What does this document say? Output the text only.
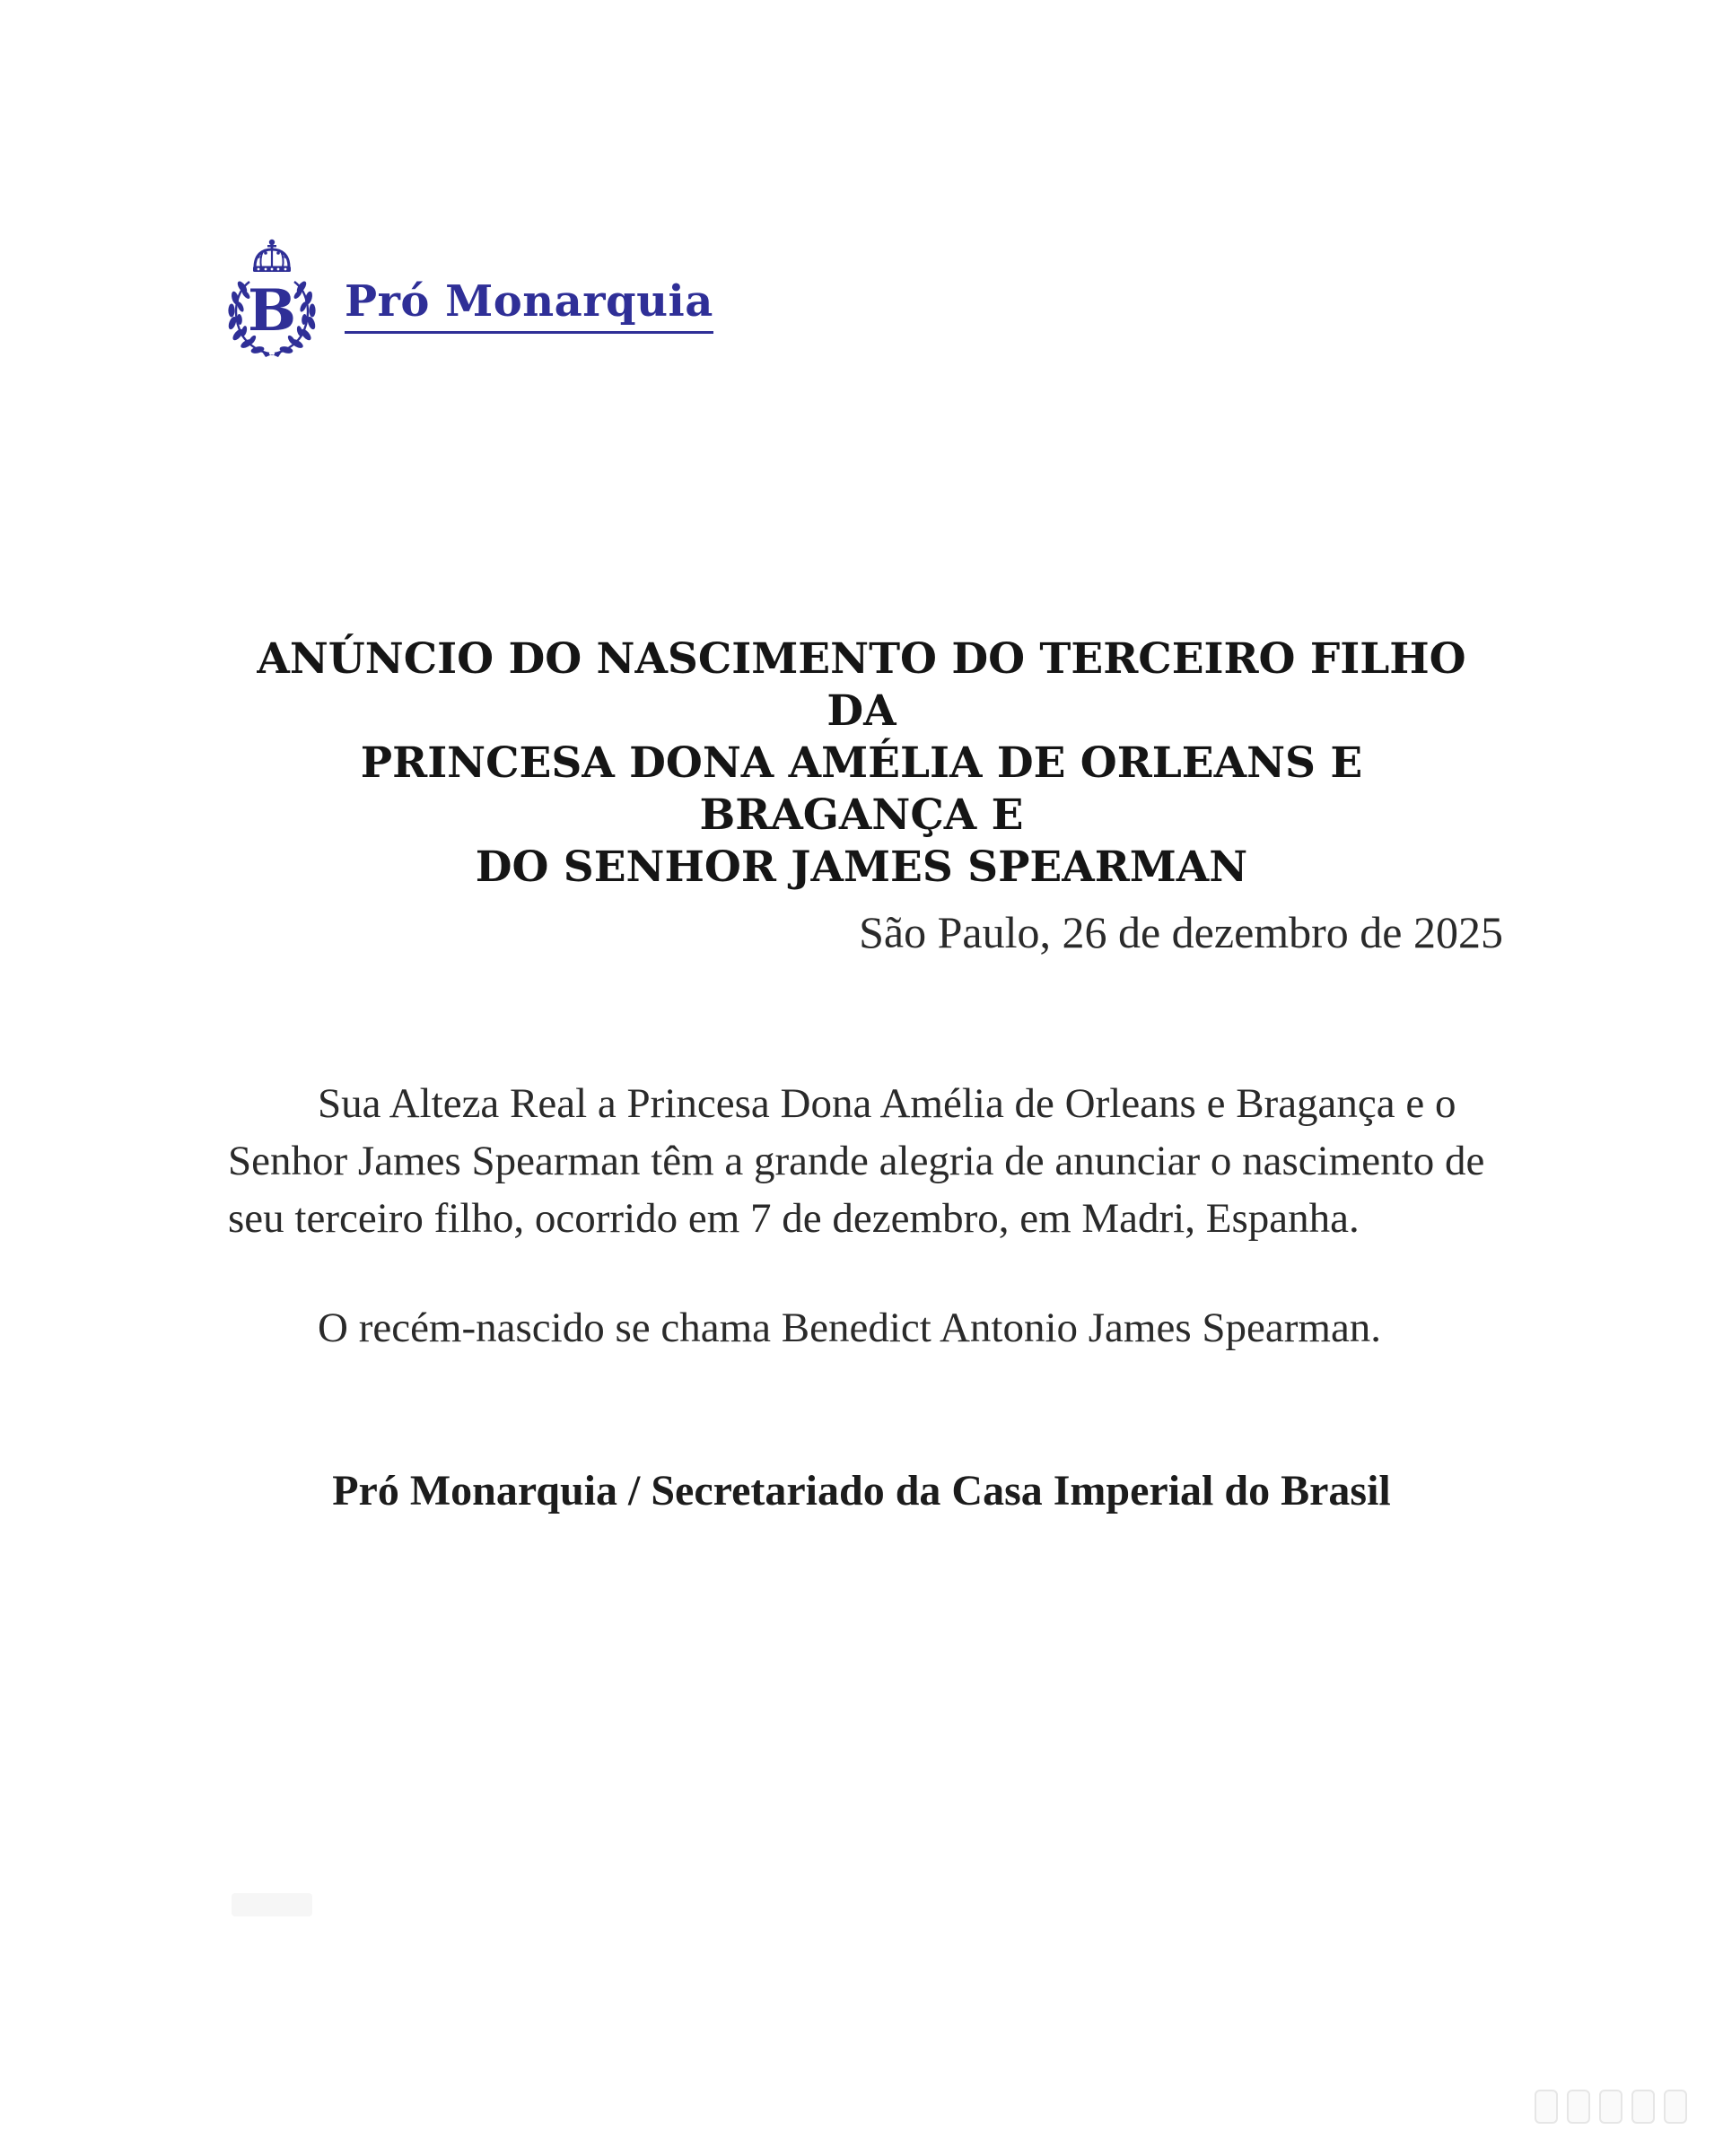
B Pró Monarquia
ANÚNCIO DO NASCIMENTO DO TERCEIRO FILHO DA
PRINCESA DONA AMÉLIA DE ORLEANS E BRAGANÇA E
DO SENHOR JAMES SPEARMAN
São Paulo, 26 de dezembro de 2025

Sua Alteza Real a Princesa Dona Amélia de Orleans e Bragança e o Senhor James Spearman têm a grande alegria de anunciar o nascimento de seu terceiro filho, ocorrido em 7 de dezembro, em Madri, Espanha.

O recém-nascido se chama Benedict Antonio James Spearman.

Pró Monarquia / Secretariado da Casa Imperial do Brasil
